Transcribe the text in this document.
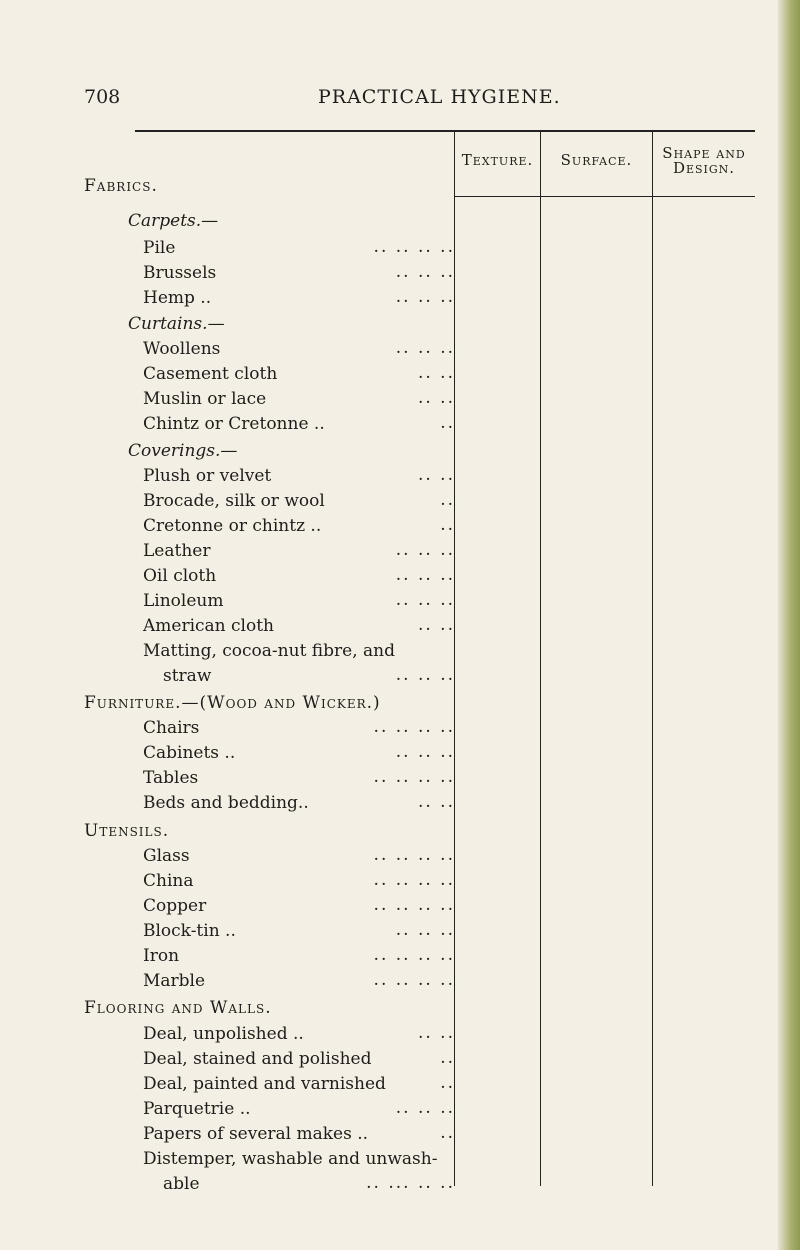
708	PRACTICAL HYGIENE.
Texture.	Surface.	Shape and Design.
Fabrics.
Carpets.—
Pile	.. .. .. ..
Brussels	.. .. ..
Hemp ..	.. .. ..
Curtains.—
Woollens	.. .. ..
Casement cloth	.. ..
Muslin or lace	.. ..
Chintz or Cretonne ..	..
Coverings.—
Plush or velvet	.. ..
Brocade, silk or wool	..
Cretonne or chintz ..	..
Leather	.. .. ..
Oil cloth	.. .. ..
Linoleum	.. .. ..
American cloth	.. ..
Matting, cocoa-nut fibre, and
straw	.. .. ..
Furniture.—(Wood and Wicker.)
Chairs	.. .. .. ..
Cabinets ..	.. .. ..
Tables	.. .. .. ..
Beds and bedding..	.. ..
Utensils.
Glass	.. .. .. ..
China	.. .. .. ..
Copper	.. .. .. ..
Block-tin ..	.. .. ..
Iron	.. .. .. ..
Marble	.. .. .. ..
Flooring and Walls.
Deal, unpolished ..	.. ..
Deal, stained and polished	..
Deal, painted and varnished	..
Parquetrie ..	.. .. ..
Papers of several makes ..	..
Distemper, washable and unwash-
able	.. ... .. ..
